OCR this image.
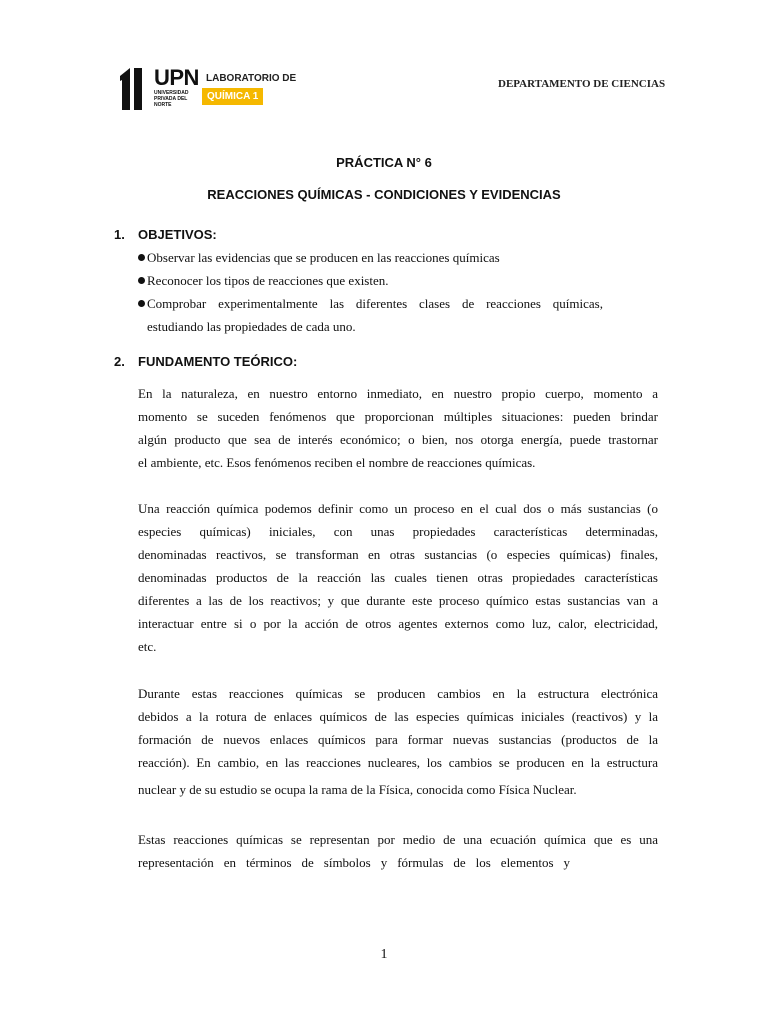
UPN
UNIVERSIDAD PRIVADA DEL NORTE
LABORATORIO DE
QUÍMICA 1
DEPARTAMENTO DE CIENCIAS
PRÁCTICA N° 6
REACCIONES QUÍMICAS - CONDICIONES Y EVIDENCIAS
1. OBJETIVOS:
Observar las evidencias que se producen en las reacciones químicas
Reconocer los tipos de reacciones que existen.
Comprobar experimentalmente las diferentes clases de reacciones químicas,
estudiando las propiedades de cada uno.
2. FUNDAMENTO TEÓRICO:
En la naturaleza, en nuestro entorno inmediato, en nuestro propio cuerpo, momento a
momento se suceden fenómenos que proporcionan múltiples situaciones: pueden brindar
algún producto que sea de interés económico; o bien, nos otorga energía, puede trastornar
el ambiente, etc. Esos fenómenos reciben el nombre de reacciones químicas.
Una reacción química podemos definir como un proceso en el cual dos o más sustancias (o
especies químicas) iniciales, con unas propiedades características determinadas,
denominadas reactivos, se transforman en otras sustancias (o especies químicas) finales,
denominadas productos de la reacción las cuales tienen otras propiedades características
diferentes a las de los reactivos; y que durante este proceso químico estas sustancias van a
interactuar entre si o por la acción de otros agentes externos como luz, calor, electricidad,
etc.
Durante estas reacciones químicas se producen cambios en la estructura electrónica
debidos a la rotura de enlaces químicos de las especies químicas iniciales (reactivos) y la
formación de nuevos enlaces químicos para formar nuevas sustancias (productos de la
reacción). En cambio, en las reacciones nucleares, los cambios se producen en la estructura
nuclear y de su estudio se ocupa la rama de la Física, conocida como Física Nuclear.
Estas reacciones químicas se representan por medio de una ecuación química que es una
representación en términos de símbolos y fórmulas de los elementos y
1
